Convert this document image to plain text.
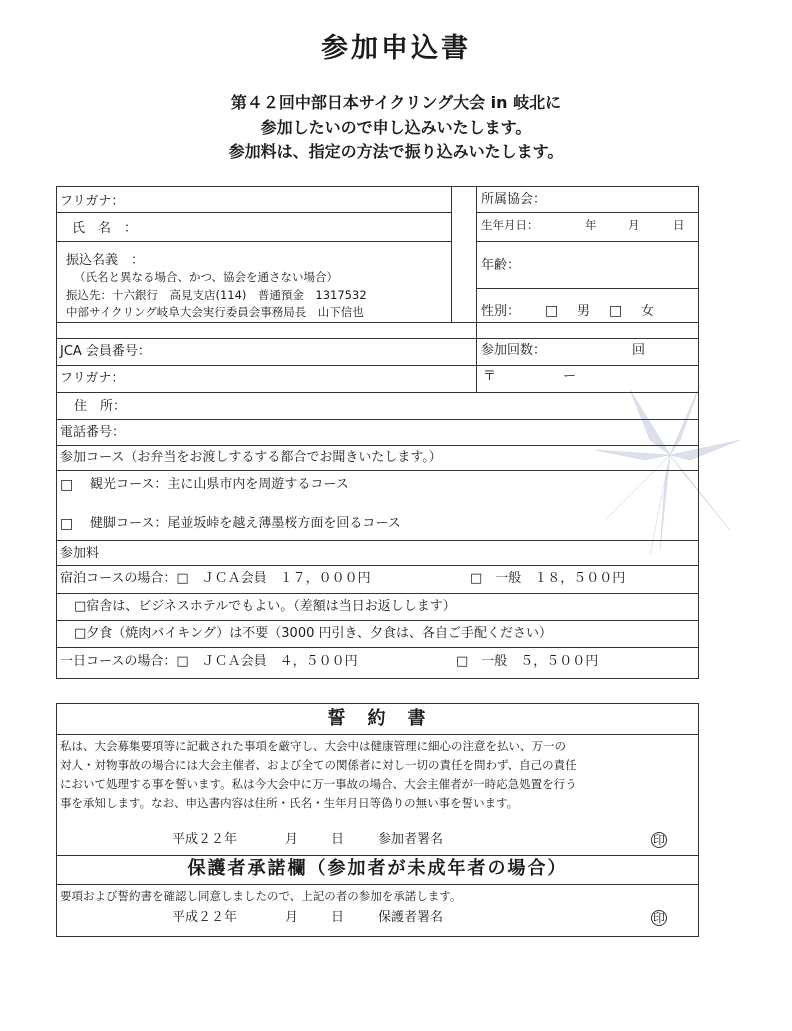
参加申込書
第４２回中部日本サイクリング大会 in 岐北に
参加したいので申し込みいたします。
参加料は、指定の方法で振り込みいたします。
フリガナ：
氏　名　：
振込名義　：
（氏名と異なる場合、かつ、協会を通さない場合）
振込先：十六銀行　高見支店(114)　普通預金　1317532
中部サイクリング岐阜大会実行委員会事務局長　山下信也
所属協会：
生年月日：	年	月	日
年齢：
性別： □ 男 □ 女
JCA 会員番号：	参加回数：	回
フリガナ：	〒	ー
住　所：
電話番号：
参加コース（お弁当をお渡しするする都合でお聞きいたします。）
□ 観光コース：主に山県市内を周遊するコース
□ 健脚コース：尾並坂峠を越え薄墨桜方面を回るコース
参加料
宿泊コースの場合：□　ＪＣＡ会員　１７，０００円	□　一般　１８，５００円
□宿舎は、ビジネスホテルでもよい。（差額は当日お返しします）
□夕食（焼肉バイキング）は不要（3000 円引き、夕食は、各自ご手配ください）
一日コースの場合：□　ＪＣＡ会員　４，５００円	□　一般　５，５００円
誓　約　書
私は、大会募集要項等に記載された事項を厳守し、大会中は健康管理に細心の注意を払い、万一の
対人・対物事故の場合には大会主催者、および全ての関係者に対し一切の責任を問わず、自己の責任
において処理する事を誓います。私は今大会中に万一事故の場合、大会主催者が一時応急処置を行う
事を承知します。なお、申込書内容は住所・氏名・生年月日等偽りの無い事を誓います。
平成２２年	月	日	参加者署名	印
保護者承諾欄（参加者が未成年者の場合）
要項および誓約書を確認し同意しましたので、上記の者の参加を承諾します。
平成２２年	月	日	保護者署名	印
